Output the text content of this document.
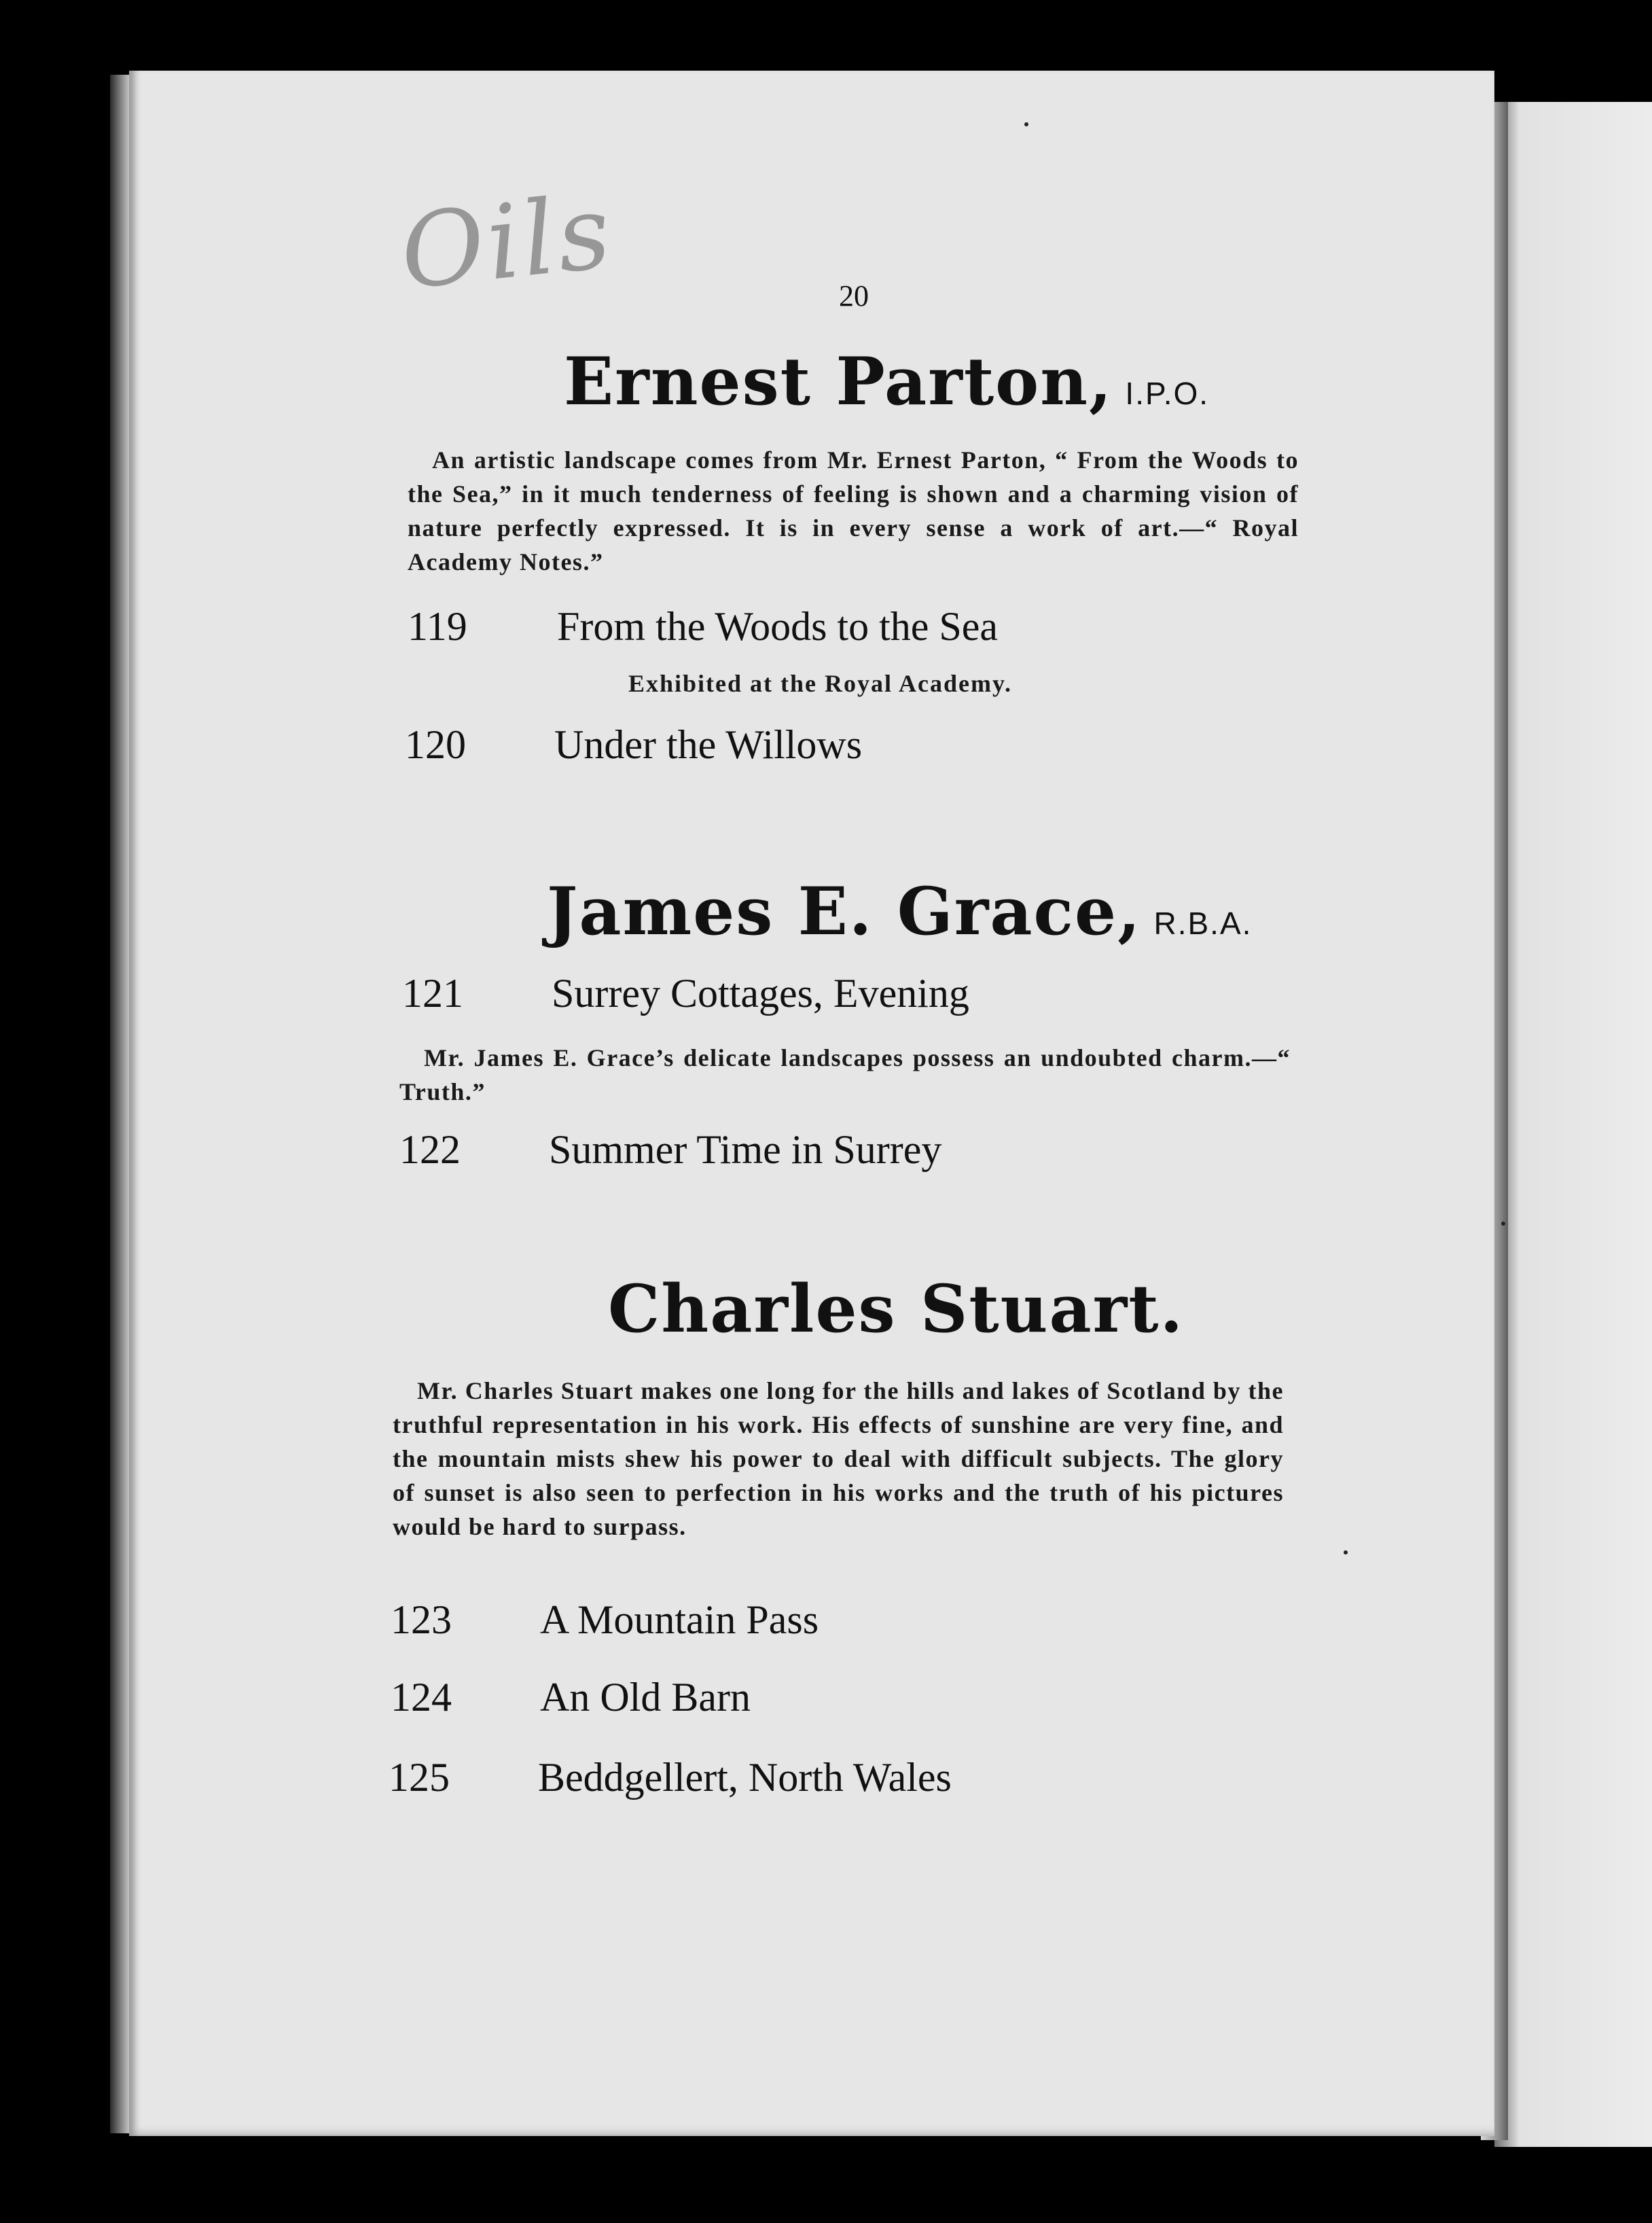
Oils	20
Ernest Parton, I.P.O.

An artistic landscape comes from Mr. Ernest Parton, “ From the Woods to the Sea,” in it much tenderness of feeling is shown and a charming vision of nature perfectly expressed. It is in every sense a work of art.—“ Royal Academy Notes.”

119 From the Woods to the Sea
Exhibited at the Royal Academy.
120 Under the Willows
James E. Grace, R.B.A.
121 Surrey Cottages, Evening

Mr. James E. Grace’s delicate landscapes possess an undoubted charm.—“ Truth.”

122 Summer Time in Surrey
Charles Stuart.

Mr. Charles Stuart makes one long for the hills and lakes of Scotland by the truthful representation in his work. His effects of sunshine are very fine, and the mountain mists shew his power to deal with difficult subjects. The glory of sunset is also seen to perfection in his works and the truth of his pictures would be hard to surpass.

123 A Mountain Pass
124 An Old Barn
125 Beddgellert, North Wales
